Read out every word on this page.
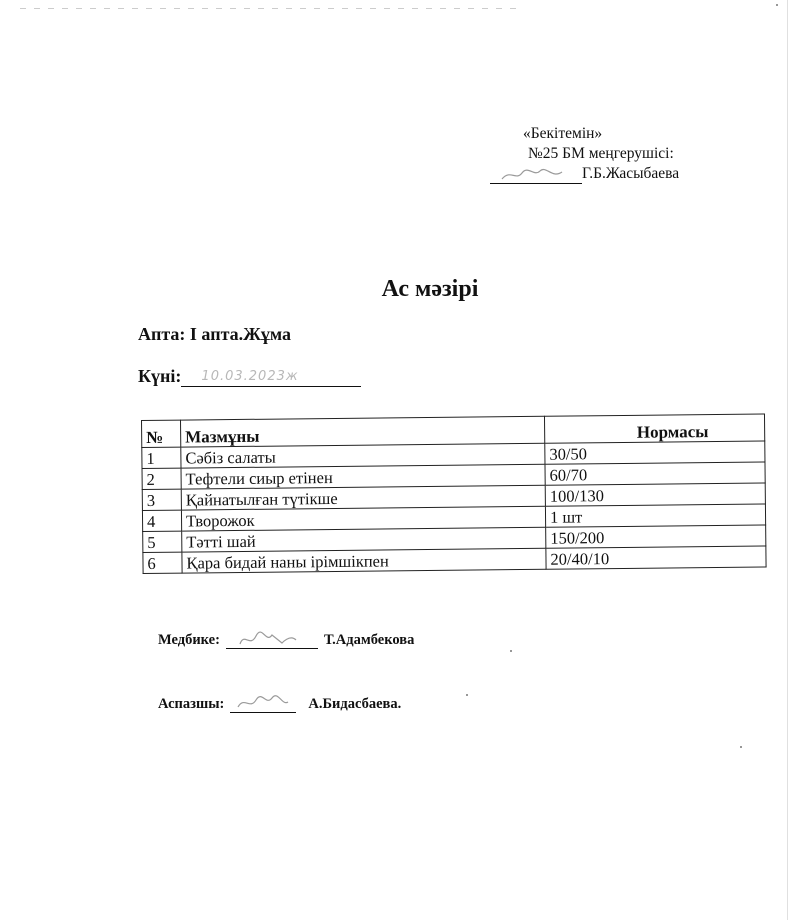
«Бекітемін»
№25 БМ меңгерушісі:
Г.Б.Жасыбаева
Ас мәзірі
Апта: І апта.Жұма
Күні: 10.03.2023ж
№	Мазмұны	Нормасы
1	Сәбіз салаты	30/50
2	Тефтели сиыр етінен	60/70
3	Қайнатылған түтікше	100/130
4	Творожок	1 шт
5	Тәтті шай	150/200
6	Қара бидай наны ірімшікпен	20/40/10
Медбике:	Т.Адамбекова
Аспазшы:	А.Бидасбаева.
